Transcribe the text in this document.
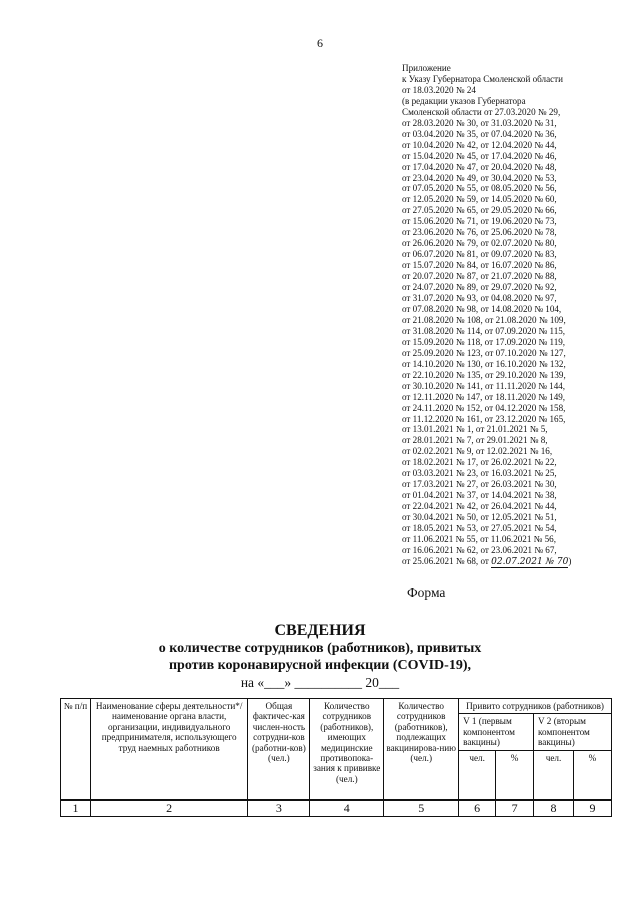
6
Приложение
к Указу Губернатора Смоленской области
от 18.03.2020 № 24
(в редакции указов Губернатора
Смоленской области от 27.03.2020 № 29,
от 28.03.2020 № 30, от 31.03.2020 № 31,
от 03.04.2020 № 35, от 07.04.2020 № 36,
от 10.04.2020 № 42, от 12.04.2020 № 44,
от 15.04.2020 № 45, от 17.04.2020 № 46,
от 17.04.2020 № 47, от 20.04.2020 № 48,
от 23.04.2020 № 49, от 30.04.2020 № 53,
от 07.05.2020 № 55, от 08.05.2020 № 56,
от 12.05.2020 № 59, от 14.05.2020 № 60,
от 27.05.2020 № 65, от 29.05.2020 № 66,
от 15.06.2020 № 71, от 19.06.2020 № 73,
от 23.06.2020 № 76, от 25.06.2020 № 78,
от 26.06.2020 № 79, от 02.07.2020 № 80,
от 06.07.2020 № 81, от 09.07.2020 № 83,
от 15.07.2020 № 84, от 16.07.2020 № 86,
от 20.07.2020 № 87, от 21.07.2020 № 88,
от 24.07.2020 № 89, от 29.07.2020 № 92,
от 31.07.2020 № 93, от 04.08.2020 № 97,
от 07.08.2020 № 98, от 14.08.2020 № 104,
от 21.08.2020 № 108, от 21.08.2020 № 109,
от 31.08.2020 № 114, от 07.09.2020 № 115,
от 15.09.2020 № 118, от 17.09.2020 № 119,
от 25.09.2020 № 123, от 07.10.2020 № 127,
от 14.10.2020 № 130, от 16.10.2020 № 132,
от 22.10.2020 № 135, от 29.10.2020 № 139,
от 30.10.2020 № 141, от 11.11.2020 № 144,
от 12.11.2020 № 147, от 18.11.2020 № 149,
от 24.11.2020 № 152, от 04.12.2020 № 158,
от 11.12.2020 № 161, от 23.12.2020 № 165,
от 13.01.2021 № 1, от 21.01.2021 № 5,
от 28.01.2021 № 7, от 29.01.2021 № 8,
от 02.02.2021 № 9, от 12.02.2021 № 16,
от 18.02.2021 № 17, от 26.02.2021 № 22,
от 03.03.2021 № 23, от 16.03.2021 № 25,
от 17.03.2021 № 27, от 26.03.2021 № 30,
от 01.04.2021 № 37, от 14.04.2021 № 38,
от 22.04.2021 № 42, от 26.04.2021 № 44,
от 30.04.2021 № 50, от 12.05.2021 № 51,
от 18.05.2021 № 53, от 27.05.2021 № 54,
от 11.06.2021 № 55, от 11.06.2021 № 56,
от 16.06.2021 № 62, от 23.06.2021 № 67,
от 25.06.2021 № 68, от 02.07.2021 № 70)
Форма
СВЕДЕНИЯ
о количестве сотрудников (работников), привитых
против коронавирусной инфекции (COVID-19),
на «___» __________ 20___
№ п/п	Наименование сферы деятельности*/наименование органа власти, организации, индивидуального предпринимателя, использующего труд наемных работников	Общая фактичес-кая числен-ность сотрудни-ков (работни-ков) (чел.)	Количество сотрудников (работников), имеющих медицинские противопока-зания к прививке (чел.)	Количество сотрудников (работников), подлежащих вакцинирова-нию (чел.)	Привито сотрудников (работников)			
					V 1 (первым компонентом вакцины)		V 2 (вторым компонентом вакцины)	
					чел.	%	чел.	%
1	2	3	4	5	6	7	8	9
